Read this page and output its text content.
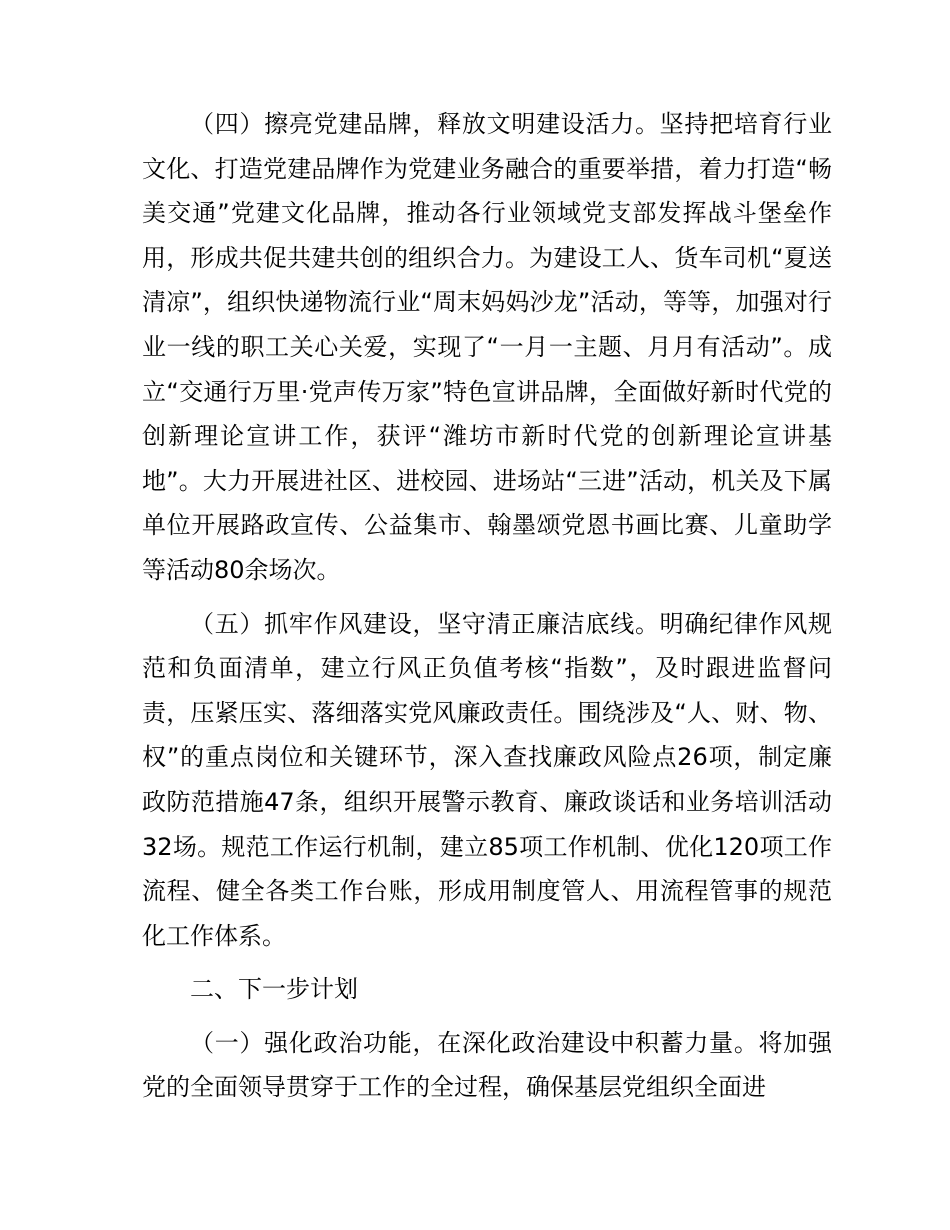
（四）擦亮党建品牌，释放文明建设活力。坚持把培育行业文化、打造党建品牌作为党建业务融合的重要举措，着力打造“畅美交通”党建文化品牌，推动各行业领域党支部发挥战斗堡垒作用，形成共促共建共创的组织合力。为建设工人、货车司机“夏送清凉”，组织快递物流行业“周末妈妈沙龙”活动，等等，加强对行业一线的职工关心关爱，实现了“一月一主题、月月有活动”。成立“交通行万里·党声传万家”特色宣讲品牌，全面做好新时代党的创新理论宣讲工作，获评“潍坊市新时代党的创新理论宣讲基地”。大力开展进社区、进校园、进场站“三进”活动，机关及下属单位开展路政宣传、公益集市、翰墨颂党恩书画比赛、儿童助学等活动80余场次。

（五）抓牢作风建设，坚守清正廉洁底线。明确纪律作风规范和负面清单，建立行风正负值考核“指数”，及时跟进监督问责，压紧压实、落细落实党风廉政责任。围绕涉及“人、财、物、权”的重点岗位和关键环节，深入查找廉政风险点26项，制定廉政防范措施47条，组织开展警示教育、廉政谈话和业务培训活动32场。规范工作运行机制，建立85项工作机制、优化120项工作流程、健全各类工作台账，形成用制度管人、用流程管事的规范化工作体系。

二、下一步计划

（一）强化政治功能，在深化政治建设中积蓄力量。将加强党的全面领导贯穿于工作的全过程，确保基层党组织全面进
